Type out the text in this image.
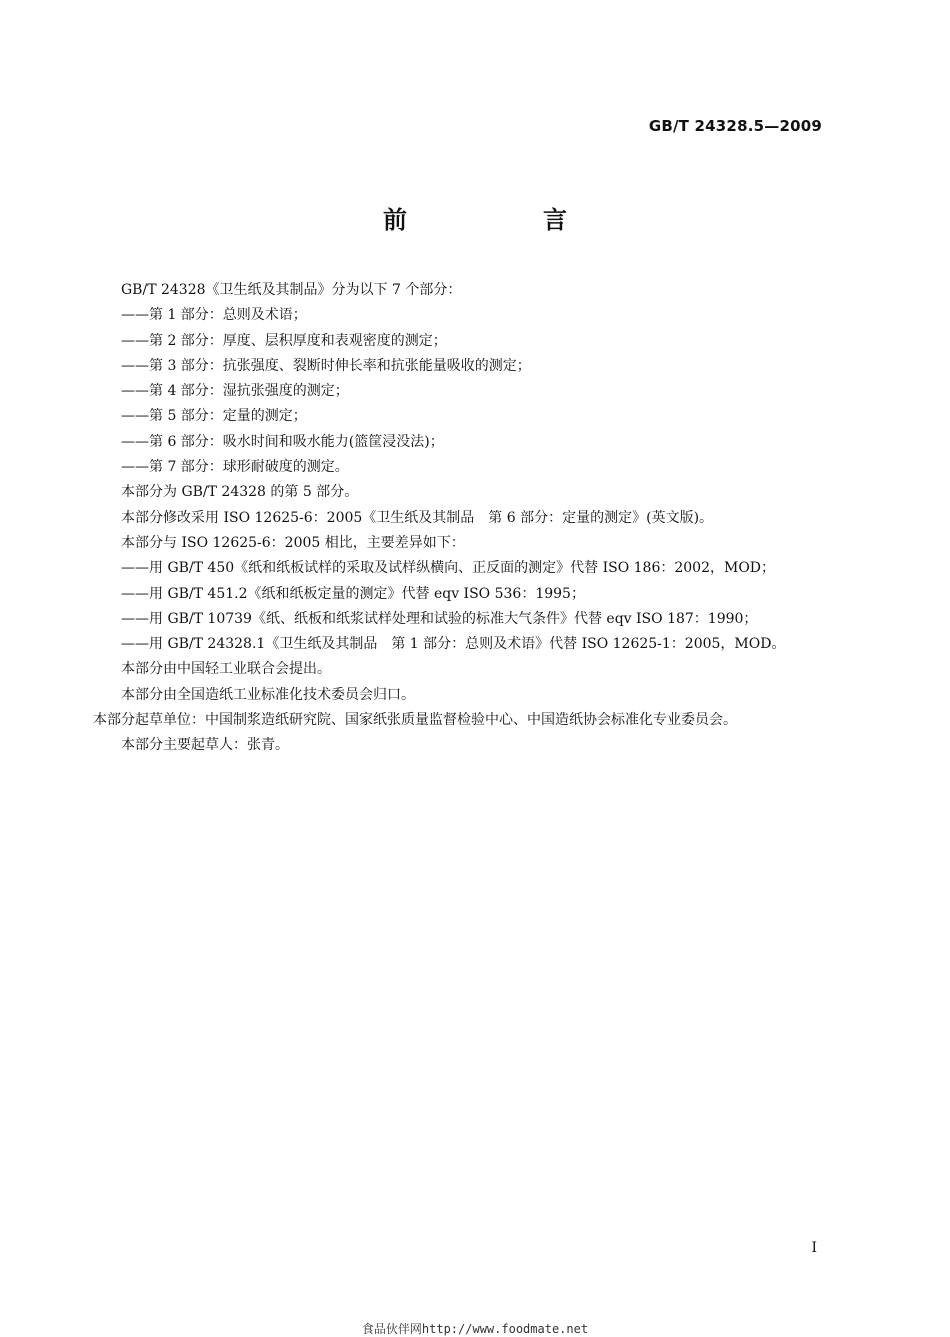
GB/T 24328.5—2009
前　言
GB/T 24328《卫生纸及其制品》分为以下 7 个部分：
——第 1 部分：总则及术语；
——第 2 部分：厚度、层积厚度和表观密度的测定；
——第 3 部分：抗张强度、裂断时伸长率和抗张能量吸收的测定；
——第 4 部分：湿抗张强度的测定；
——第 5 部分：定量的测定；
——第 6 部分：吸水时间和吸水能力(篮筐浸没法)；
——第 7 部分：球形耐破度的测定。
本部分为 GB/T 24328 的第 5 部分。
本部分修改采用 ISO 12625-6：2005《卫生纸及其制品　第 6 部分：定量的测定》(英文版)。
本部分与 ISO 12625-6：2005 相比，主要差异如下：
——用 GB/T 450《纸和纸板试样的采取及试样纵横向、正反面的测定》代替 ISO 186：2002，MOD；
——用 GB/T 451.2《纸和纸板定量的测定》代替 eqv ISO 536：1995；
——用 GB/T 10739《纸、纸板和纸浆试样处理和试验的标准大气条件》代替 eqv ISO 187：1990；
——用 GB/T 24328.1《卫生纸及其制品　第 1 部分：总则及术语》代替 ISO 12625-1：2005，MOD。
本部分由中国轻工业联合会提出。
本部分由全国造纸工业标准化技术委员会归口。
本部分起草单位：中国制浆造纸研究院、国家纸张质量监督检验中心、中国造纸协会标准化专业委员会。
本部分主要起草人：张青。
I
食品伙伴网http://www.foodmate.net
